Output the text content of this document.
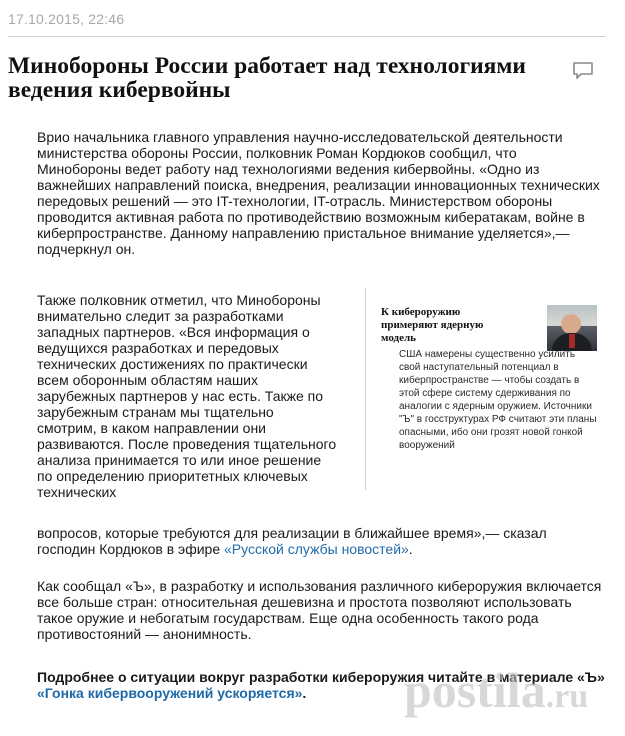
17.10.2015, 22:46
Минобороны России работает над технологиями ведения кибервойны

Врио начальника главного управления научно-исследовательской деятельности министерства обороны России, полковник Роман Кордюков сообщил, что Минобороны ведет работу над технологиями ведения кибервойны. «Одно из важнейших направлений поиска, внедрения, реализации инновационных технических передовых решений — это IT-технологии, IT-отрасль. Министерством обороны проводится активная работа по противодействию возможным кибератакам, войне в киберпространстве. Данному направлению пристальное внимание уделяется»,— подчеркнул он.

Также полковник отметил, что Минобороны внимательно следит за разработками западных партнеров. «Вся информация о ведущихся разработках и передовых технических достижениях по практически всем оборонным областям наших зарубежных партнеров у нас есть. Также по зарубежным странам мы тщательно смотрим, в каком направлении они развиваются. После проведения тщательного анализа принимается то или иное решение по определению приоритетных ключевых технических

К кибероружию примеряют ядерную модель

США намерены существенно усилить свой наступательный потенциал в киберпространстве — чтобы создать в этой сфере систему сдерживания по аналогии с ядерным оружием. Источники "Ъ" в госструктурах РФ считают эти планы опасными, ибо они грозят новой гонкой вооружений

вопросов, которые требуются для реализации в ближайшее время»,— сказал господин Кордюков в эфире «Русской службы новостей».

Как сообщал «Ъ», в разработку и использования различного кибероружия включается все больше стран: относительная дешевизна и простота позволяют использовать такое оружие и небогатым государствам. Еще одна особенность такого рода противостояний — анонимность.

Подробнее о ситуации вокруг разработки кибероружия читайте в материале «Ъ» «Гонка кибервооружений ускоряется».	postila.ru
